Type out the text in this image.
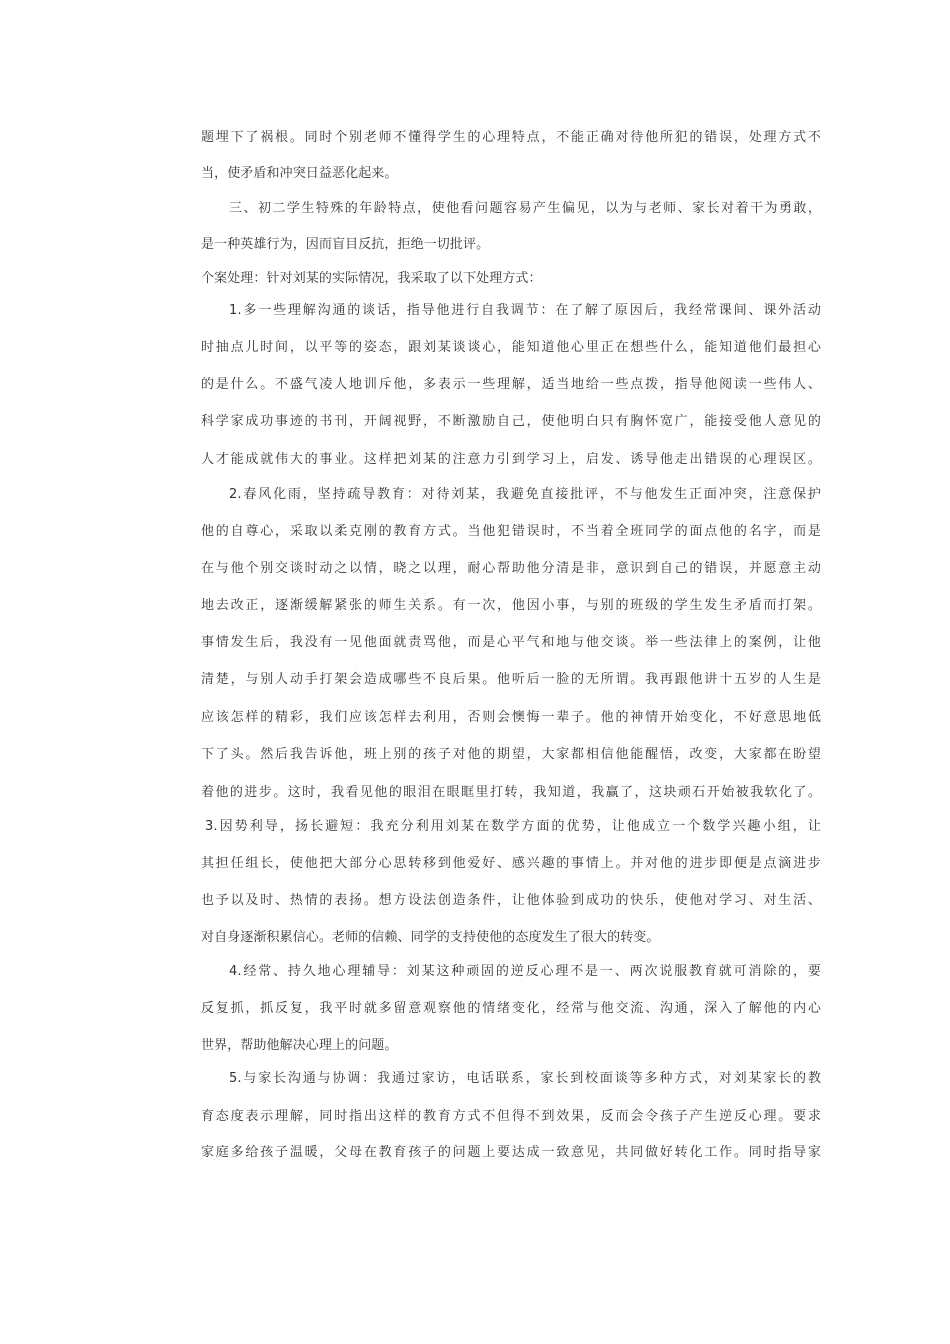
题埋下了祸根。同时个别老师不懂得学生的心理特点，不能正确对待他所犯的错误，处理方式不
当，使矛盾和冲突日益恶化起来。
三、初二学生特殊的年龄特点，使他看问题容易产生偏见，以为与老师、家长对着干为勇敢，
是一种英雄行为，因而盲目反抗，拒绝一切批评。
个案处理：针对刘某的实际情况，我采取了以下处理方式：
1.多一些理解沟通的谈话，指导他进行自我调节：在了解了原因后，我经常课间、课外活动
时抽点儿时间，以平等的姿态，跟刘某谈谈心，能知道他心里正在想些什么，能知道他们最担心
的是什么。不盛气凌人地训斥他，多表示一些理解，适当地给一些点拨，指导他阅读一些伟人、
科学家成功事迹的书刊，开阔视野，不断激励自己，使他明白只有胸怀宽广，能接受他人意见的
人才能成就伟大的事业。这样把刘某的注意力引到学习上，启发、诱导他走出错误的心理误区。
2.春风化雨，坚持疏导教育：对待刘某，我避免直接批评，不与他发生正面冲突，注意保护
他的自尊心，采取以柔克刚的教育方式。当他犯错误时，不当着全班同学的面点他的名字，而是
在与他个别交谈时动之以情，晓之以理，耐心帮助他分清是非，意识到自己的错误，并愿意主动
地去改正，逐渐缓解紧张的师生关系。有一次，他因小事，与别的班级的学生发生矛盾而打架。
事情发生后，我没有一见他面就责骂他，而是心平气和地与他交谈。举一些法律上的案例，让他
清楚，与别人动手打架会造成哪些不良后果。他听后一脸的无所谓。我再跟他讲十五岁的人生是
应该怎样的精彩，我们应该怎样去利用，否则会懊悔一辈子。他的神情开始变化，不好意思地低
下了头。然后我告诉他，班上别的孩子对他的期望，大家都相信他能醒悟，改变，大家都在盼望
着他的进步。这时，我看见他的眼泪在眼眶里打转，我知道，我赢了，这块顽石开始被我软化了。
3.因势利导，扬长避短：我充分利用刘某在数学方面的优势，让他成立一个数学兴趣小组，让
其担任组长，使他把大部分心思转移到他爱好、感兴趣的事情上。并对他的进步即便是点滴进步
也予以及时、热情的表扬。想方设法创造条件，让他体验到成功的快乐，使他对学习、对生活、
对自身逐渐积累信心。老师的信赖、同学的支持使他的态度发生了很大的转变。
4.经常、持久地心理辅导：刘某这种顽固的逆反心理不是一、两次说服教育就可消除的，要
反复抓，抓反复，我平时就多留意观察他的情绪变化，经常与他交流、沟通，深入了解他的内心
世界，帮助他解决心理上的问题。
5.与家长沟通与协调：我通过家访，电话联系，家长到校面谈等多种方式，对刘某家长的教
育态度表示理解，同时指出这样的教育方式不但得不到效果，反而会令孩子产生逆反心理。要求
家庭多给孩子温暖，父母在教育孩子的问题上要达成一致意见，共同做好转化工作。同时指导家
